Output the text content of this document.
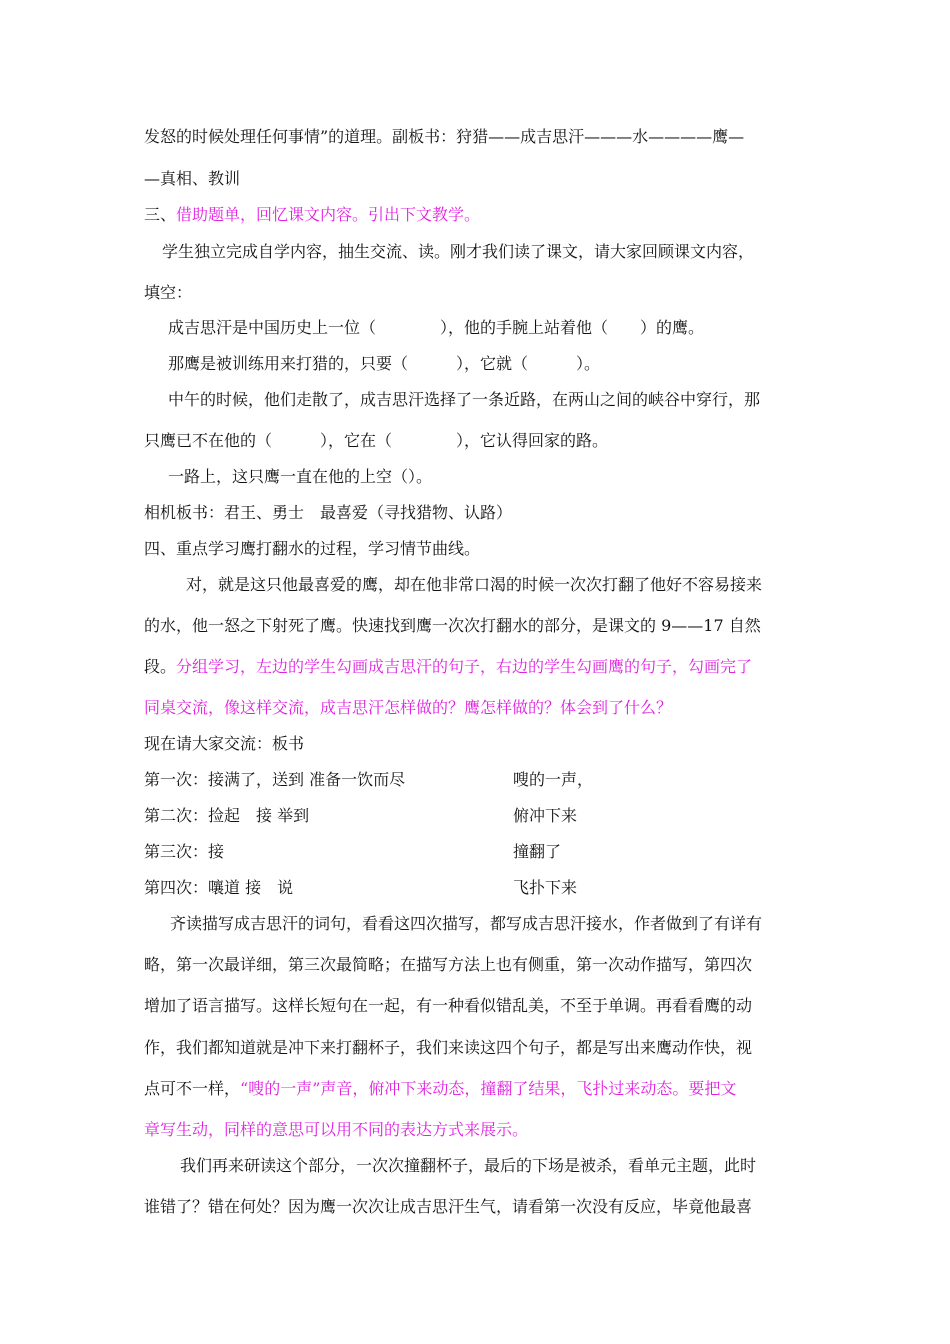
发怒的时候处理任何事情”的道理。副板书：狩猎——成吉思汗———水————鹰—
—真相、教训
三、借助题单，回忆课文内容。引出下文教学。
学生独立完成自学内容，抽生交流、读。刚才我们读了课文，请大家回顾课文内容，
填空：
成吉思汗是中国历史上一位（　　　　），他的手腕上站着他（　　）的鹰。
那鹰是被训练用来打猎的，只要（　　　），它就（　　　）。
中午的时候，他们走散了，成吉思汗选择了一条近路，在两山之间的峡谷中穿行，那
只鹰已不在他的（　　　），它在（　　　　），它认得回家的路。
一路上，这只鹰一直在他的上空（）。
相机板书：君王、勇士　最喜爱（寻找猎物、认路）
四、重点学习鹰打翻水的过程，学习情节曲线。
对，就是这只他最喜爱的鹰，却在他非常口渴的时候一次次打翻了他好不容易接来
的水，他一怒之下射死了鹰。快速找到鹰一次次打翻水的部分，是课文的 9——17 自然
段。分组学习，左边的学生勾画成吉思汗的句子，右边的学生勾画鹰的句子，勾画完了
同桌交流，像这样交流，成吉思汗怎样做的？鹰怎样做的？体会到了什么？
现在请大家交流：板书
第一次：接满了，送到 准备一饮而尽	嗖的一声，
第二次：捡起　接 举到	俯冲下来
第三次：接	撞翻了
第四次：嚷道 接　说	飞扑下来
齐读描写成吉思汗的词句，看看这四次描写，都写成吉思汗接水，作者做到了有详有
略，第一次最详细，第三次最简略；在描写方法上也有侧重，第一次动作描写，第四次
增加了语言描写。这样长短句在一起，有一种看似错乱美，不至于单调。再看看鹰的动
作，我们都知道就是冲下来打翻杯子，我们来读这四个句子，都是写出来鹰动作快，视
点可不一样，“嗖的一声”声音，俯冲下来动态，撞翻了结果，飞扑过来动态。要把文
章写生动，同样的意思可以用不同的表达方式来展示。
我们再来研读这个部分，一次次撞翻杯子，最后的下场是被杀，看单元主题，此时
谁错了？错在何处？因为鹰一次次让成吉思汗生气，请看第一次没有反应，毕竟他最喜
